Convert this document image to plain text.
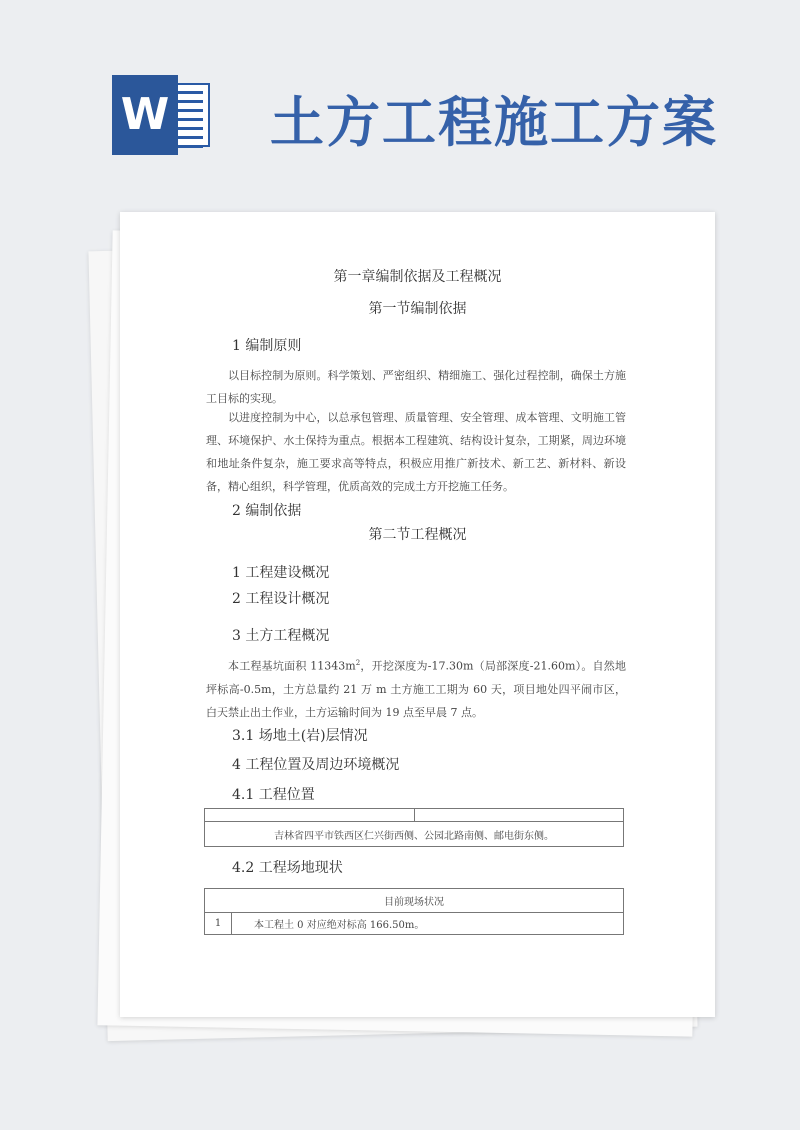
W 土方工程施工方案
第一章编制依据及工程概况
第一节编制依据
1 编制原则
以目标控制为原则。科学策划、严密组织、精细施工、强化过程控制，确保土方施工目标的实现。
以进度控制为中心，以总承包管理、质量管理、安全管理、成本管理、文明施工管理、环境保护、水土保持为重点。根据本工程建筑、结构设计复杂，工期紧，周边环境和地址条件复杂，施工要求高等特点，积极应用推广新技术、新工艺、新材料、新设备，精心组织，科学管理，优质高效的完成土方开挖施工任务。
2 编制依据
第二节工程概况
1 工程建设概况
2 工程设计概况
3 土方工程概况
本工程基坑面积 $11343m^2$，开挖深度为-17.30m（局部深度-21.60m）。自然地坪标高-0.5m，土方总量约 21 万 m 土方施工工期为 60 天，项目地处四平闹市区，白天禁止出土作业，土方运输时间为 19 点至早晨 7 点。
3.1 场地土(岩)层情况
4 工程位置及周边环境概况
4.1 工程位置

吉林省四平市铁西区仁兴街西侧、公园北路南侧、邮电街东侧。
4.2 工程场地现状
目前现场状况
1	本工程土 0 对应绝对标高 166.50m。
